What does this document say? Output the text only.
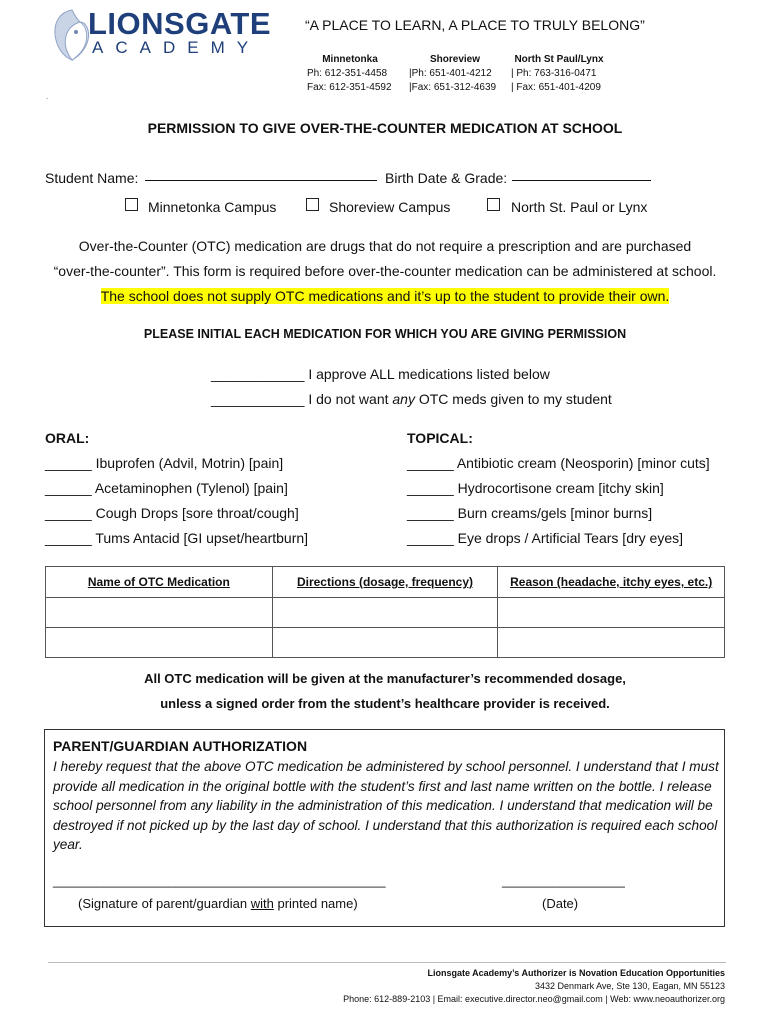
LIONSGATE
ACADEMY
“A PLACE TO LEARN, A PLACE TO TRULY BELONG”
Minnetonka
Ph: 612-351-4458
Fax: 612-351-4592
Shoreview
|Ph: 651-401-4212
|Fax: 651-312-4639
North St Paul/Lynx
| Ph: 763-316-0471
| Fax: 651-401-4209
.
PERMISSION TO GIVE OVER-THE-COUNTER MEDICATION AT SCHOOL
Student Name:	Birth Date & Grade:
Minnetonka Campus	Shoreview Campus	North St. Paul or Lynx
Over-the-Counter (OTC) medication are drugs that do not require a prescription and are purchased
“over-the-counter”. This form is required before over-the-counter medication can be administered at school.
The school does not supply OTC medications and it’s up to the student to provide their own.
PLEASE INITIAL EACH MEDICATION FOR WHICH YOU ARE GIVING PERMISSION
____________ I approve ALL medications listed below
____________ I do not want any OTC meds given to my student
ORAL:	TOPICAL:
______ Ibuprofen (Advil, Motrin) [pain]
______ Acetaminophen (Tylenol) [pain]
______ Cough Drops [sore throat/cough]
______ Tums Antacid [GI upset/heartburn]
______ Antibiotic cream (Neosporin) [minor cuts]
______ Hydrocortisone cream [itchy skin]
______ Burn creams/gels [minor burns]
______ Eye drops / Artificial Tears [dry eyes]
Name of OTC Medication	Directions (dosage, frequency)	Reason (headache, itchy eyes, etc.)

All OTC medication will be given at the manufacturer’s recommended dosage,
unless a signed order from the student’s healthcare provider is received.
PARENT/GUARDIAN AUTHORIZATION
I hereby request that the above OTC medication be administered by school personnel. I understand that I must provide all medication in the original bottle with the student’s first and last name written on the bottle. I release school personnel from any liability in the administration of this medication. I understand that medication will be destroyed if not picked up by the last day of school. I understand that this authorization is required each school year.
______________________________________________	_________________
(Signature of parent/guardian with printed name)	(Date)
Lionsgate Academy’s Authorizer is Novation Education Opportunities
3432 Denmark Ave, Ste 130, Eagan, MN 55123
Phone: 612-889-2103 | Email: executive.director.neo@gmail.com | Web: www.neoauthorizer.org
